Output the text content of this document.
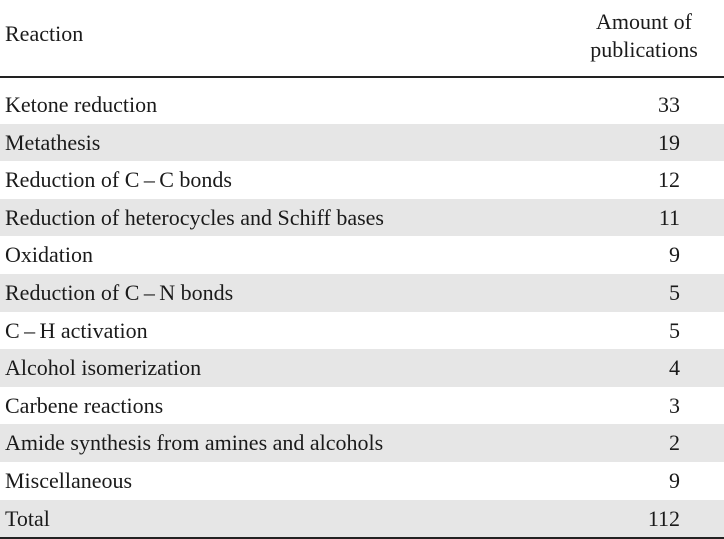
Reaction	Amount of
publications
Ketone reduction	33
Metathesis	19
Reduction of C – C bonds	12
Reduction of heterocycles and Schiff bases	11
Oxidation	9
Reduction of C – N bonds	5
C – H activation	5
Alcohol isomerization	4
Carbene reactions	3
Amide synthesis from amines and alcohols	2
Miscellaneous	9
Total	112
